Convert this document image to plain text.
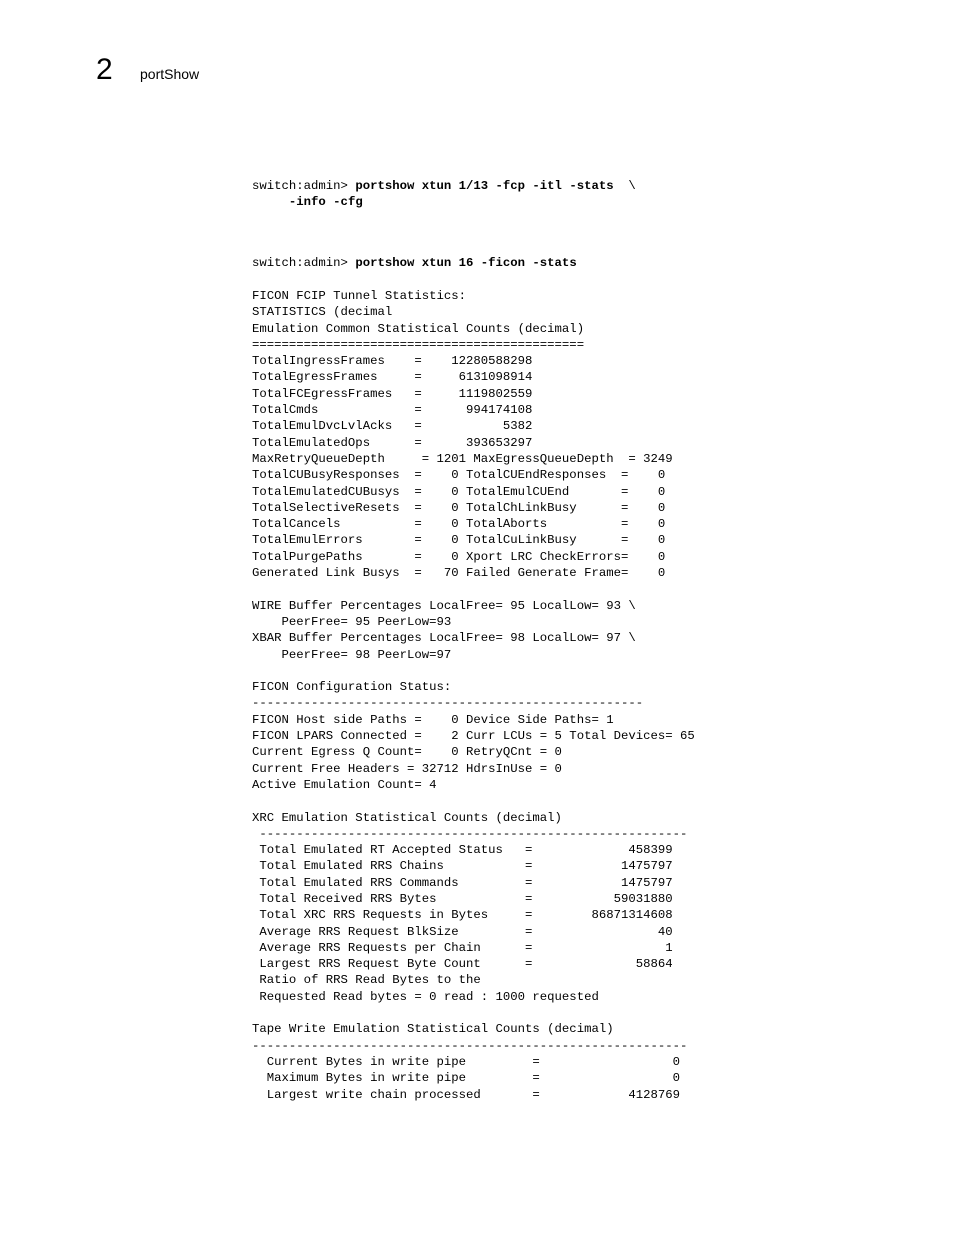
2 portShow
switch:admin> portshow xtun 1/13 -fcp -itl -stats  \
-info -cfg
switch:admin> portshow xtun 16 -ficon -stats
FICON FCIP Tunnel Statistics:
STATISTICS (decimal
Emulation Common Statistical Counts (decimal)
=============================================
TotalIngressFrames    =    12280588298
TotalEgressFrames     =     6131098914
TotalFCEgressFrames   =     1119802559
TotalCmds             =      994174108
TotalEmulDvcLvlAcks   =           5382
TotalEmulatedOps      =      393653297
MaxRetryQueueDepth     = 1201 MaxEgressQueueDepth  = 3249
TotalCUBusyResponses  =    0 TotalCUEndResponses  =    0
TotalEmulatedCUBusys  =    0 TotalEmulCUEnd       =    0
TotalSelectiveResets  =    0 TotalChLinkBusy      =    0
TotalCancels          =    0 TotalAborts          =    0
TotalEmulErrors       =    0 TotalCuLinkBusy      =    0
TotalPurgePaths       =    0 Xport LRC CheckErrors=    0
Generated Link Busys  =   70 Failed Generate Frame=    0

WIRE Buffer Percentages LocalFree= 95 LocalLow= 93 \
PeerFree= 95 PeerLow=93
XBAR Buffer Percentages LocalFree= 98 LocalLow= 97 \
PeerFree= 98 PeerLow=97

FICON Configuration Status:
-----------------------------------------------------
FICON Host side Paths =    0 Device Side Paths= 1
FICON LPARS Connected =    2 Curr LCUs = 5 Total Devices= 65
Current Egress Q Count=    0 RetryQCnt = 0
Current Free Headers = 32712 HdrsInUse = 0
Active Emulation Count= 4

XRC Emulation Statistical Counts (decimal)
----------------------------------------------------------
Total Emulated RT Accepted Status   =             458399
Total Emulated RRS Chains           =            1475797
Total Emulated RRS Commands         =            1475797
Total Received RRS Bytes            =           59031880
Total XRC RRS Requests in Bytes     =        86871314608
Average RRS Request BlkSize         =                 40
Average RRS Requests per Chain      =                  1
Largest RRS Request Byte Count      =              58864
Ratio of RRS Read Bytes to the
Requested Read bytes = 0 read : 1000 requested

Tape Write Emulation Statistical Counts (decimal)
-----------------------------------------------------------
Current Bytes in write pipe         =                  0
Maximum Bytes in write pipe         =                  0
Largest write chain processed       =            4128769
